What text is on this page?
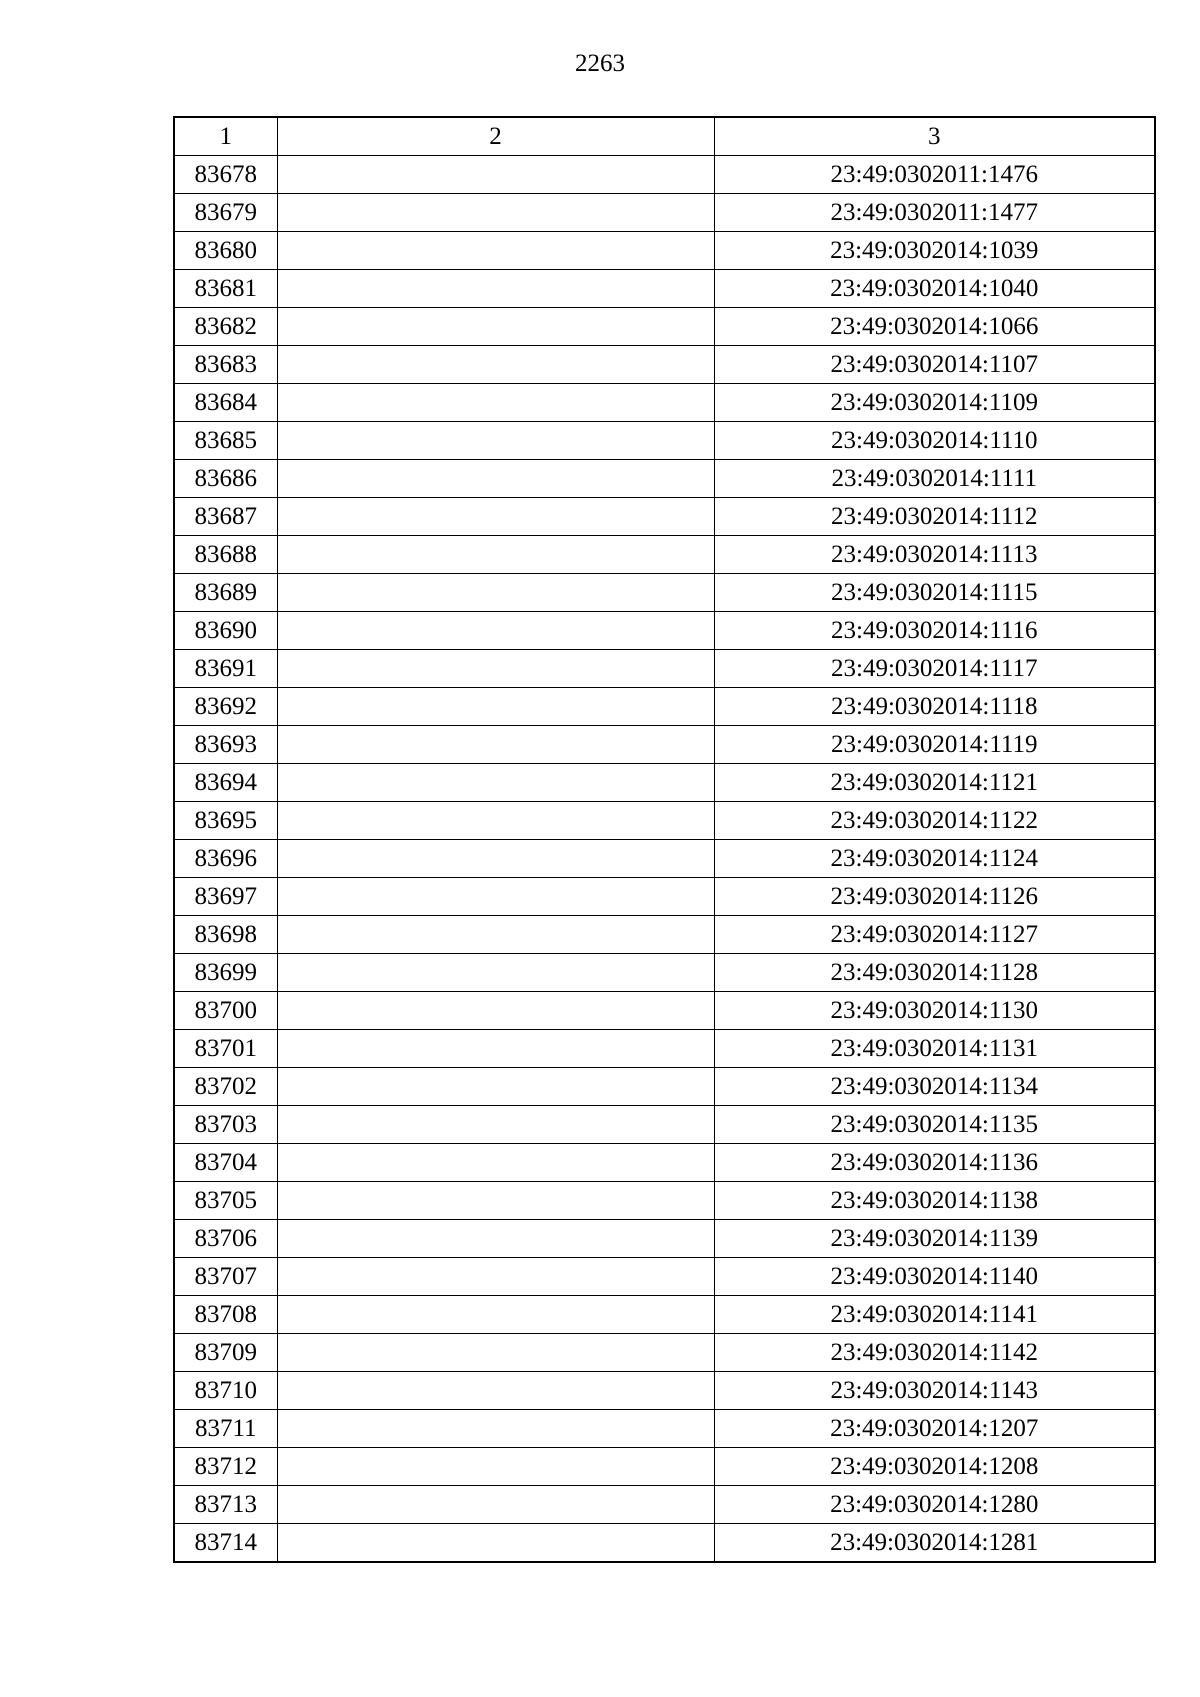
2263
1	2	3
83678		23:49:0302011:1476
83679		23:49:0302011:1477
83680		23:49:0302014:1039
83681		23:49:0302014:1040
83682		23:49:0302014:1066
83683		23:49:0302014:1107
83684		23:49:0302014:1109
83685		23:49:0302014:1110
83686		23:49:0302014:1111
83687		23:49:0302014:1112
83688		23:49:0302014:1113
83689		23:49:0302014:1115
83690		23:49:0302014:1116
83691		23:49:0302014:1117
83692		23:49:0302014:1118
83693		23:49:0302014:1119
83694		23:49:0302014:1121
83695		23:49:0302014:1122
83696		23:49:0302014:1124
83697		23:49:0302014:1126
83698		23:49:0302014:1127
83699		23:49:0302014:1128
83700		23:49:0302014:1130
83701		23:49:0302014:1131
83702		23:49:0302014:1134
83703		23:49:0302014:1135
83704		23:49:0302014:1136
83705		23:49:0302014:1138
83706		23:49:0302014:1139
83707		23:49:0302014:1140
83708		23:49:0302014:1141
83709		23:49:0302014:1142
83710		23:49:0302014:1143
83711		23:49:0302014:1207
83712		23:49:0302014:1208
83713		23:49:0302014:1280
83714		23:49:0302014:1281
